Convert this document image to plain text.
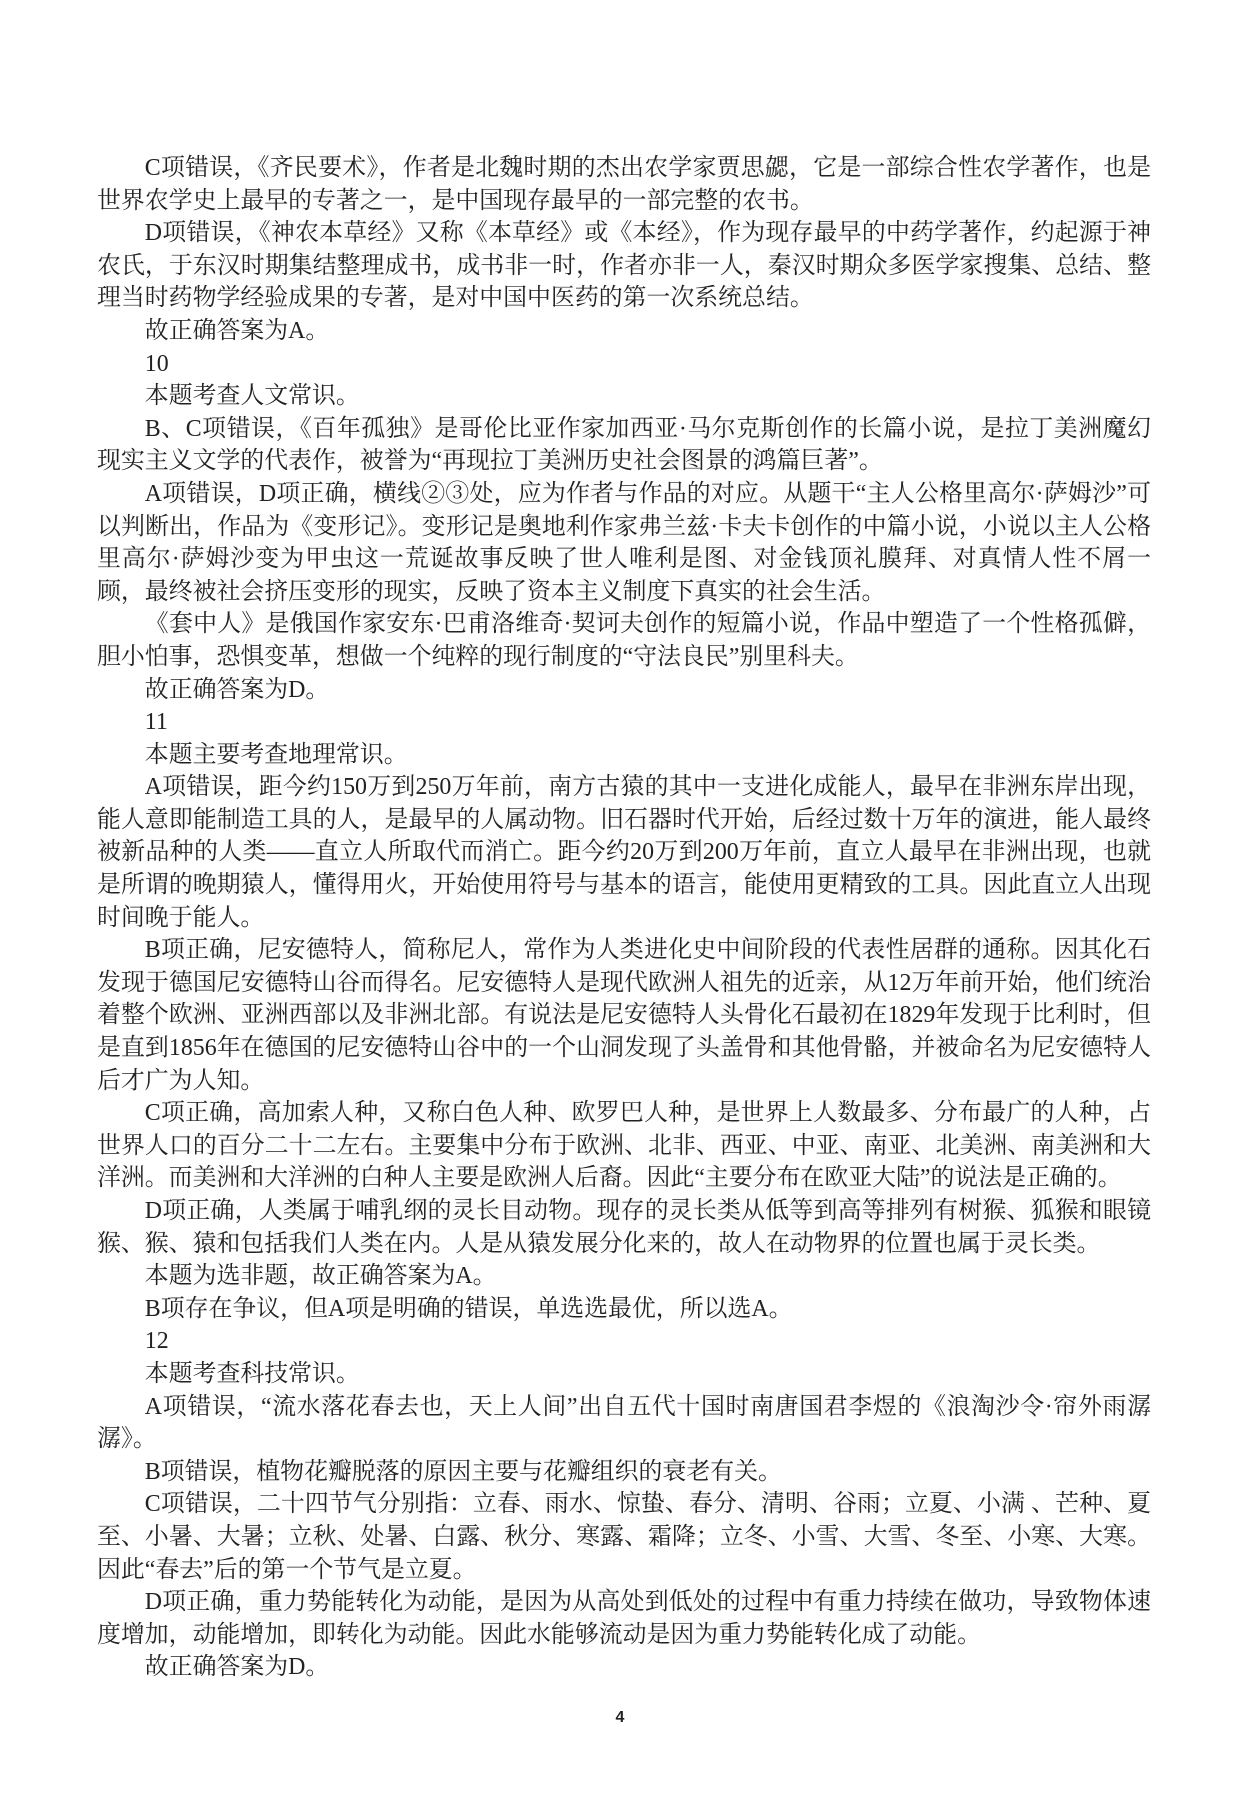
C项错误，《齐民要术》，作者是北魏时期的杰出农学家贾思勰，它是一部综合性农学著作，也是世界农学史上最早的专著之一，是中国现存最早的一部完整的农书。

D项错误，《神农本草经》又称《本草经》或《本经》，作为现存最早的中药学著作，约起源于神农氏，于东汉时期集结整理成书，成书非一时，作者亦非一人，秦汉时期众多医学家搜集、总结、整理当时药物学经验成果的专著，是对中国中医药的第一次系统总结。

故正确答案为A。

10

本题考查人文常识。

B、C项错误，《百年孤独》是哥伦比亚作家加西亚·马尔克斯创作的长篇小说，是拉丁美洲魔幻现实主义文学的代表作，被誉为“再现拉丁美洲历史社会图景的鸿篇巨著”。

A项错误，D项正确，横线②③处，应为作者与作品的对应。从题干“主人公格里高尔·萨姆沙”可以判断出，作品为《变形记》。变形记是奥地利作家弗兰兹·卡夫卡创作的中篇小说，小说以主人公格里高尔·萨姆沙变为甲虫这一荒诞故事反映了世人唯利是图、对金钱顶礼膜拜、对真情人性不屑一顾，最终被社会挤压变形的现实，反映了资本主义制度下真实的社会生活。

《套中人》是俄国作家安东·巴甫洛维奇·契诃夫创作的短篇小说，作品中塑造了一个性格孤僻，胆小怕事，恐惧变革，想做一个纯粹的现行制度的“守法良民”别里科夫。

故正确答案为D。

11

本题主要考查地理常识。

A项错误，距今约150万到250万年前，南方古猿的其中一支进化成能人，最早在非洲东岸出现，能人意即能制造工具的人，是最早的人属动物。旧石器时代开始，后经过数十万年的演进，能人最终被新品种的人类——直立人所取代而消亡。距今约20万到200万年前，直立人最早在非洲出现，也就是所谓的晚期猿人，懂得用火，开始使用符号与基本的语言，能使用更精致的工具。因此直立人出现时间晚于能人。

B项正确，尼安德特人，简称尼人，常作为人类进化史中间阶段的代表性居群的通称。因其化石发现于德国尼安德特山谷而得名。尼安德特人是现代欧洲人祖先的近亲，从12万年前开始，他们统治着整个欧洲、亚洲西部以及非洲北部。有说法是尼安德特人头骨化石最初在1829年发现于比利时，但是直到1856年在德国的尼安德特山谷中的一个山洞发现了头盖骨和其他骨骼，并被命名为尼安德特人后才广为人知。

C项正确，高加索人种，又称白色人种、欧罗巴人种，是世界上人数最多、分布最广的人种，占世界人口的百分二十二左右。主要集中分布于欧洲、北非、西亚、中亚、南亚、北美洲、南美洲和大洋洲。而美洲和大洋洲的白种人主要是欧洲人后裔。因此“主要分布在欧亚大陆”的说法是正确的。

D项正确，人类属于哺乳纲的灵长目动物。现存的灵长类从低等到高等排列有树猴、狐猴和眼镜猴、猴、猿和包括我们人类在内。人是从猿发展分化来的，故人在动物界的位置也属于灵长类。

本题为选非题，故正确答案为A。

B项存在争议，但A项是明确的错误，单选选最优，所以选A。

12

本题考查科技常识。

A项错误，“流水落花春去也，天上人间”出自五代十国时南唐国君李煜的《浪淘沙令·帘外雨潺潺》。

B项错误，植物花瓣脱落的原因主要与花瓣组织的衰老有关。

C项错误，二十四节气分别指：立春、雨水、惊蛰、春分、清明、谷雨；立夏、小满 、芒种、夏至、小暑、大暑；立秋、处暑、白露、秋分、寒露、霜降；立冬、小雪、大雪、冬至、小寒、大寒。因此“春去”后的第一个节气是立夏。

D项正确，重力势能转化为动能，是因为从高处到低处的过程中有重力持续在做功，导致物体速度增加，动能增加，即转化为动能。因此水能够流动是因为重力势能转化成了动能。

故正确答案为D。

4
